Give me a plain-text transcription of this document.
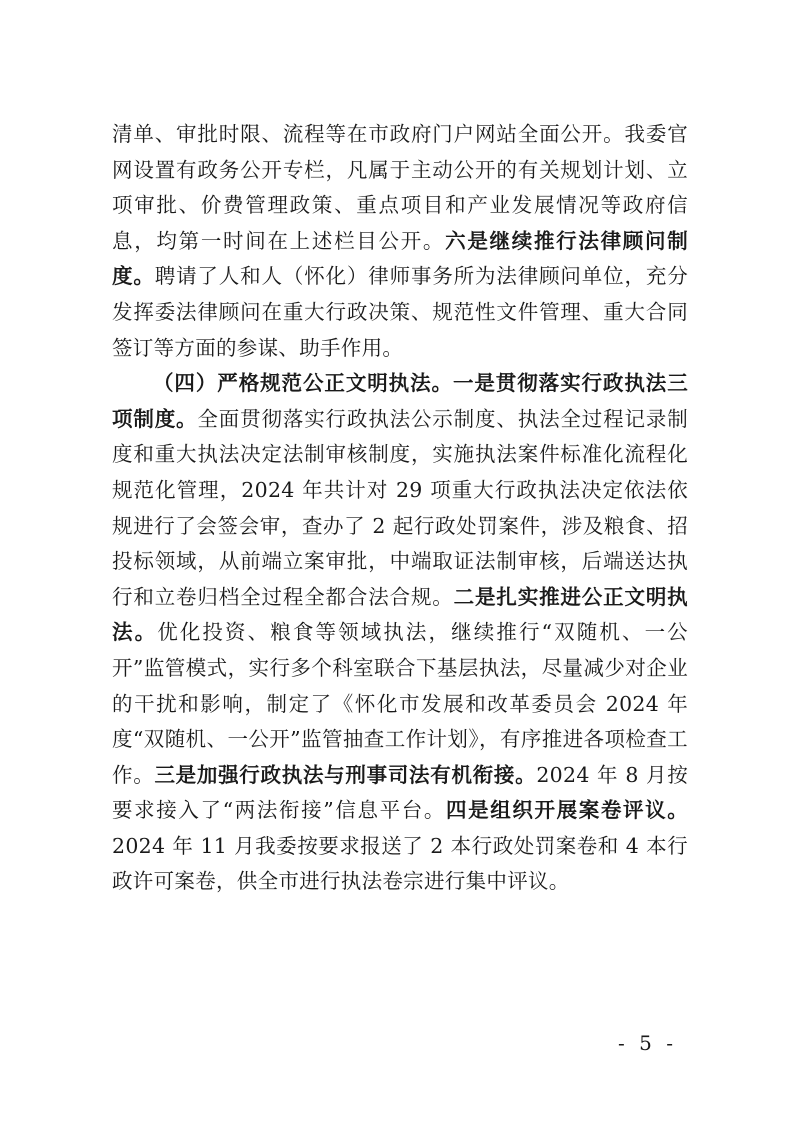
清单、审批时限、流程等在市政府门户网站全面公开。我委官网设置有政务公开专栏，凡属于主动公开的有关规划计划、立项审批、价费管理政策、重点项目和产业发展情况等政府信息，均第一时间在上述栏目公开。六是继续推行法律顾问制度。聘请了人和人（怀化）律师事务所为法律顾问单位，充分发挥委法律顾问在重大行政决策、规范性文件管理、重大合同签订等方面的参谋、助手作用。

（四）严格规范公正文明执法。一是贯彻落实行政执法三项制度。全面贯彻落实行政执法公示制度、执法全过程记录制度和重大执法决定法制审核制度，实施执法案件标准化流程化规范化管理，2024 年共计对 29 项重大行政执法决定依法依规进行了会签会审，查办了 2 起行政处罚案件，涉及粮食、招投标领域，从前端立案审批，中端取证法制审核，后端送达执行和立卷归档全过程全都合法合规。二是扎实推进公正文明执法。优化投资、粮食等领域执法，继续推行“双随机、一公开”监管模式，实行多个科室联合下基层执法，尽量减少对企业的干扰和影响，制定了《怀化市发展和改革委员会 2024 年度“双随机、一公开”监管抽查工作计划》，有序推进各项检查工作。三是加强行政执法与刑事司法有机衔接。2024 年 8 月按要求接入了“两法衔接”信息平台。四是组织开展案卷评议。2024 年 11 月我委按要求报送了 2 本行政处罚案卷和 4 本行政许可案卷，供全市进行执法卷宗进行集中评议。

- 5 -
